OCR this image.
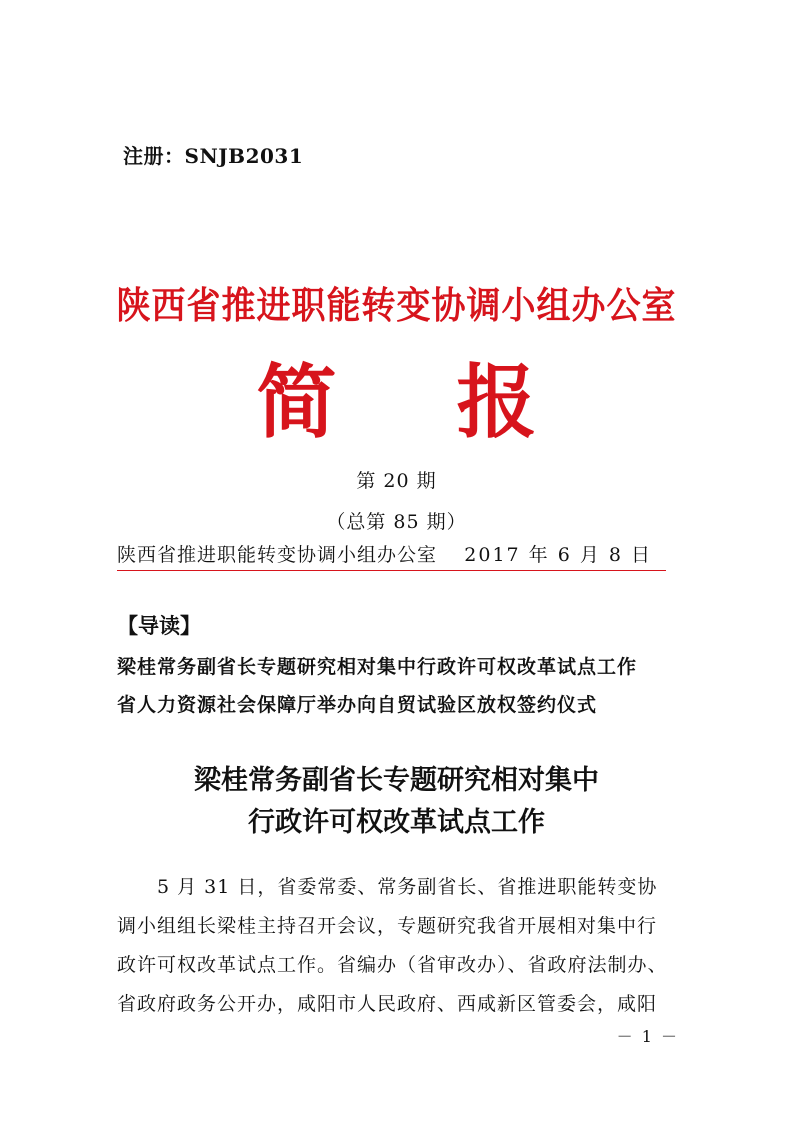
注册：SNJB2031
陕西省推进职能转变协调小组办公室
简 报
第 20 期
（总第 85 期）
陕西省推进职能转变协调小组办公室 2017 年 6 月 8 日
【导读】
梁桂常务副省长专题研究相对集中行政许可权改革试点工作
省人力资源社会保障厅举办向自贸试验区放权签约仪式
梁桂常务副省长专题研究相对集中
行政许可权改革试点工作
5 月 31 日，省委常委、常务副省长、省推进职能转变协
调小组组长梁桂主持召开会议，专题研究我省开展相对集中行
政许可权改革试点工作。省编办（省审改办）、省政府法制办、
省政府政务公开办，咸阳市人民政府、西咸新区管委会，咸阳
－ 1 －
